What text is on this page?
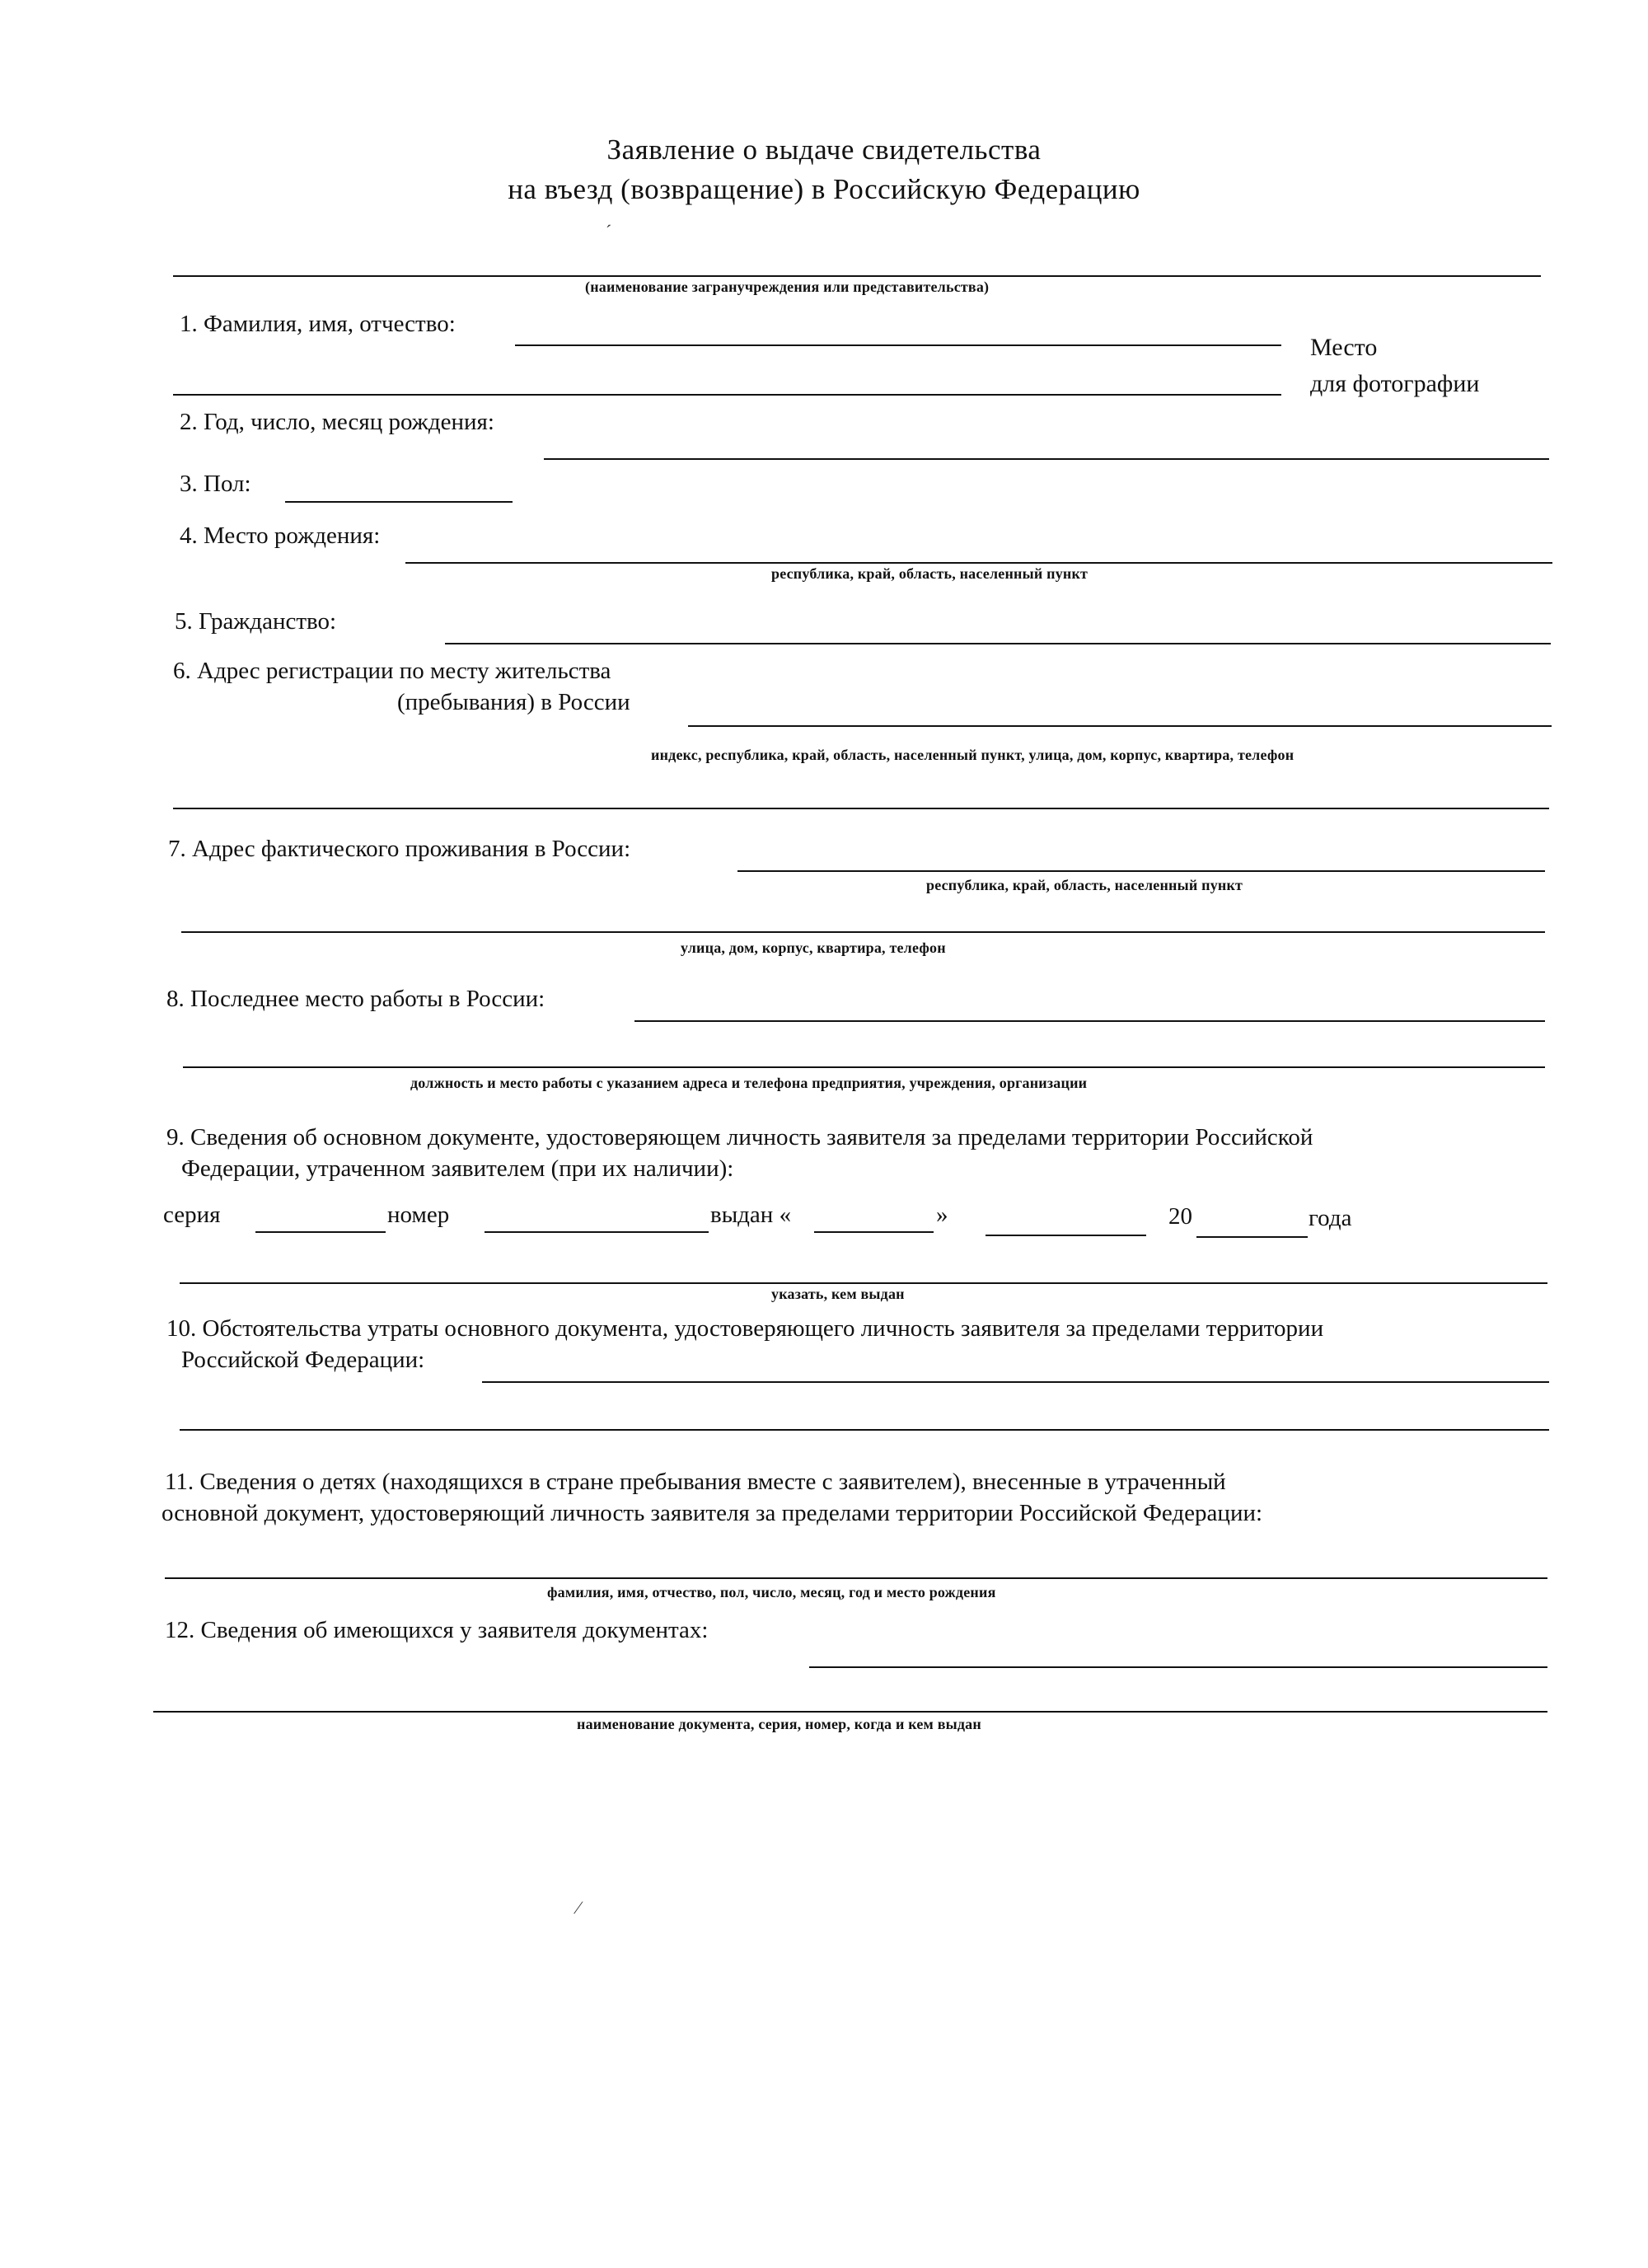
Заявление о выдаче свидетельства
на въезд (возвращение) в Российскую Федерацию
(наименование загранучреждения или представительства)
1. Фамилия, имя, отчество:
Место
для фотографии
2. Год, число, месяц рождения:
3. Пол:
4. Место рождения:
республика, край, область, населенный пункт
5. Гражданство:
6. Адрес регистрации по месту жительства
(пребывания) в России
индекс, республика, край, область, населенный пункт, улица, дом, корпус, квартира, телефон
7. Адрес фактического проживания в России:
республика, край, область, населенный пункт
улица, дом, корпус, квартира, телефон
8. Последнее место работы в России:
должность и место работы с указанием адреса и телефона предприятия, учреждения, организации
9. Сведения об основном документе, удостоверяющем личность заявителя за пределами территории Российской
Федерации, утраченном заявителем (при их наличии):
серия	номер	выдан «	»	20	года
указать, кем выдан
10. Обстоятельства утраты основного документа, удостоверяющего личность заявителя за пределами территории
Российской Федерации:
11. Сведения о детях (находящихся в стране пребывания вместе с заявителем), внесенные в утраченный
основной документ, удостоверяющий личность заявителя за пределами территории Российской Федерации:
фамилия, имя, отчество, пол, число, месяц, год и место рождения
12. Сведения об имеющихся у заявителя документах:
наименование документа, серия, номер, когда и кем выдан
´
⁄
